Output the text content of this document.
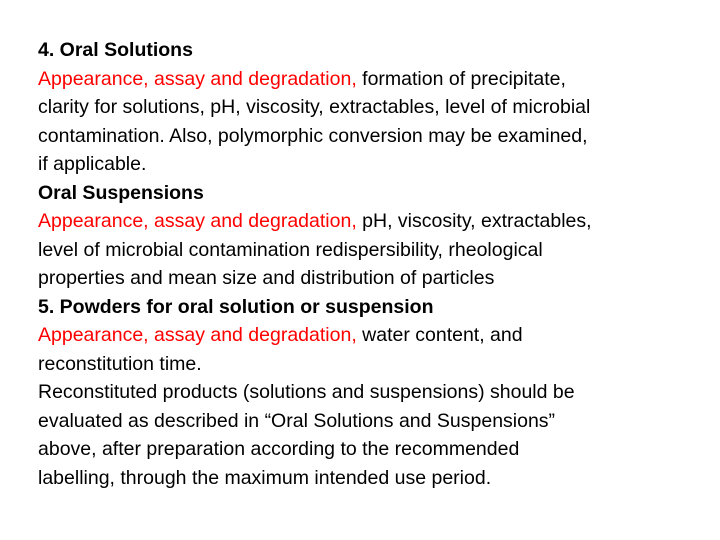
4. Oral Solutions

Appearance, assay and degradation, formation of precipitate,

clarity for solutions, pH, viscosity, extractables, level of microbial

contamination. Also, polymorphic conversion may be examined,

if applicable.

Oral Suspensions

Appearance, assay and degradation, pH, viscosity, extractables,

level of microbial contamination redispersibility, rheological

properties and mean size and distribution of particles

5. Powders for oral solution or suspension

Appearance, assay and degradation, water content, and

reconstitution time.

Reconstituted products (solutions and suspensions) should be

evaluated as described in “Oral Solutions and Suspensions”

above, after preparation according to the recommended

labelling, through the maximum intended use period.
